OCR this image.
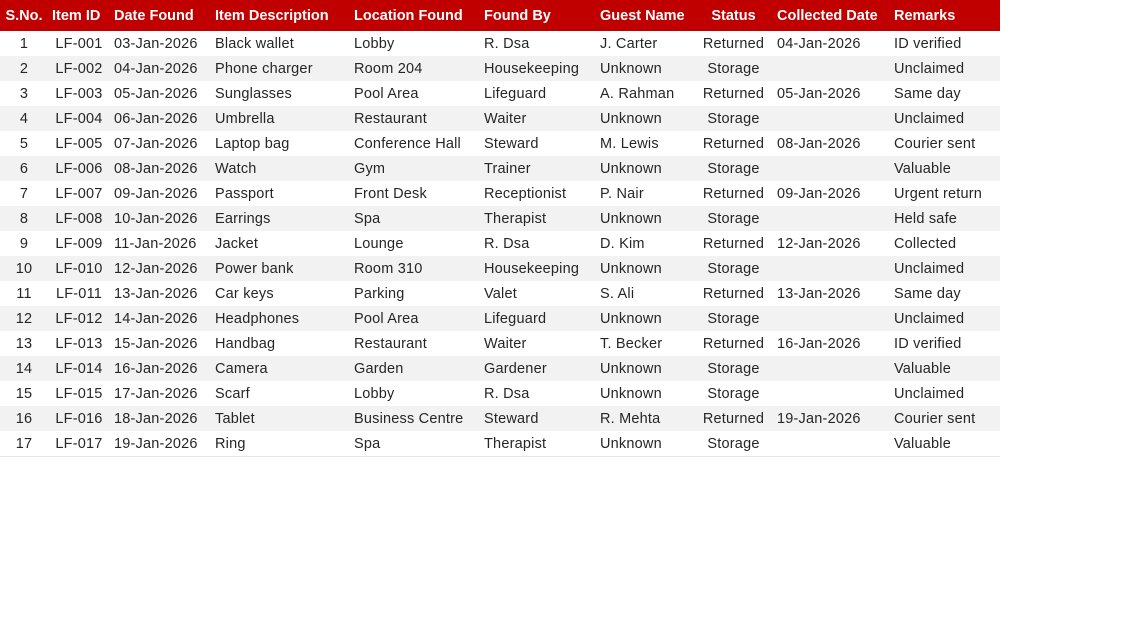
S.No.	Item ID	Date Found	Item Description	Location Found	Found By	Guest Name	Status	Collected Date	Remarks
1	LF-001	03-Jan-2026	Black wallet	Lobby	R. Dsa	J. Carter	Returned	04-Jan-2026	ID verified
2	LF-002	04-Jan-2026	Phone charger	Room 204	Housekeeping	Unknown	Storage		Unclaimed
3	LF-003	05-Jan-2026	Sunglasses	Pool Area	Lifeguard	A. Rahman	Returned	05-Jan-2026	Same day
4	LF-004	06-Jan-2026	Umbrella	Restaurant	Waiter	Unknown	Storage		Unclaimed
5	LF-005	07-Jan-2026	Laptop bag	Conference Hall	Steward	M. Lewis	Returned	08-Jan-2026	Courier sent
6	LF-006	08-Jan-2026	Watch	Gym	Trainer	Unknown	Storage		Valuable
7	LF-007	09-Jan-2026	Passport	Front Desk	Receptionist	P. Nair	Returned	09-Jan-2026	Urgent return
8	LF-008	10-Jan-2026	Earrings	Spa	Therapist	Unknown	Storage		Held safe
9	LF-009	11-Jan-2026	Jacket	Lounge	R. Dsa	D. Kim	Returned	12-Jan-2026	Collected
10	LF-010	12-Jan-2026	Power bank	Room 310	Housekeeping	Unknown	Storage		Unclaimed
11	LF-011	13-Jan-2026	Car keys	Parking	Valet	S. Ali	Returned	13-Jan-2026	Same day
12	LF-012	14-Jan-2026	Headphones	Pool Area	Lifeguard	Unknown	Storage		Unclaimed
13	LF-013	15-Jan-2026	Handbag	Restaurant	Waiter	T. Becker	Returned	16-Jan-2026	ID verified
14	LF-014	16-Jan-2026	Camera	Garden	Gardener	Unknown	Storage		Valuable
15	LF-015	17-Jan-2026	Scarf	Lobby	R. Dsa	Unknown	Storage		Unclaimed
16	LF-016	18-Jan-2026	Tablet	Business Centre	Steward	R. Mehta	Returned	19-Jan-2026	Courier sent
17	LF-017	19-Jan-2026	Ring	Spa	Therapist	Unknown	Storage		Valuable
